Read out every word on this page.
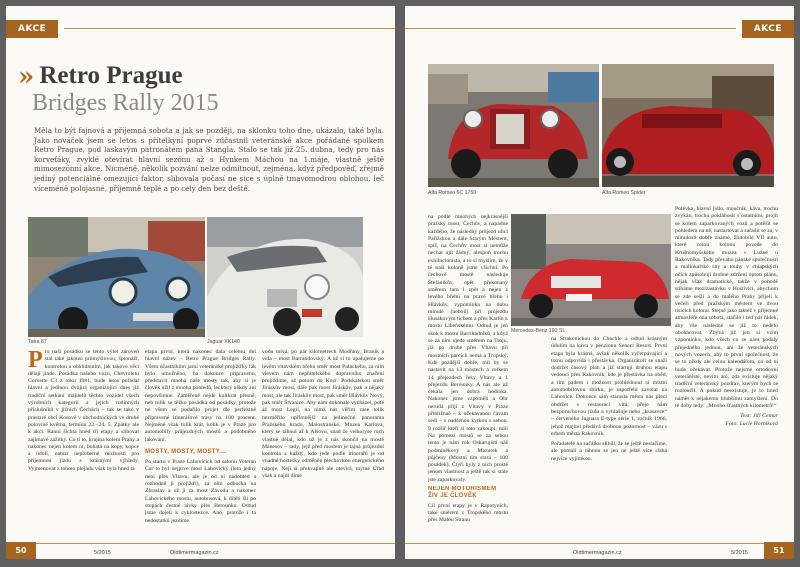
AKCE
» Retro Prague
Bridges Rally 2015
Měla to být fajnová a příjemná sobota a jak se později, na sklonku toho dne, ukázalo, také byla. Jako nováček jsem se letos s přítelkyní poprvé zúčastnil veteránské akce pořádané spolkem Retro Prague, pod laskavým patronátem pana Stangla. Stalo se tak již 25. dubna, tedy pro nás korveťáky, zvyklé otevírat hlavní sezónu až s Hynkem Máchou na 1.máje, vlastně ještě mimosezónní akce. Nicméně, několik pozvání nelze odmítnout, zejména, když předpověď, zřejmě jediný potenciálně omezující faktor, slibovala počasí ne sice s úplně tmavomodrou oblohou, leč víceméně polojasné, příjemně teplé a po celý den bez deště.
Tatra 87	Jaguar XK140
P ro naši posádku se tento výlet zároveň stal také jakousi průmyslovou, špionáží, kontrolou a obhlídnutím, jak takové věci dělají jinde. Posádka našeho vozu, Chevroletu Corvette C3 z roku 1981, bude letos pořádat hlavní a jedinou dvojici organizující dnes již tradiční setkání majitelů těchto vozidel všech výrobních kategorií a jejich rodinných příslušníků v jižních Čechách – tak se také v prastaré obci Kosově v obchodnických ve druhé polovině května, termínu 22.–24. 5. Zpátky ale k akci. Ranní šichta hned tři etapy a slibovat zajímavé zážitky. Co ti to, krajina kolem Prahy a nakonec nejen kolem ní, bohatá na kopy, kopce a údolí, nabízí nepřeberné možnosti pro příjemnou jízdu s krásnými výhledy. Vyjmenovat z tohoto plejádu však byla hned ta

etapa první, která nakonec dala celému dni hlavní název – Retro Prague Bridges Rally. Všem účastníkům jarní veteránské projížďky lák bylo umožněno, ba dokonce připraveno, představit mnohá naše mosty tak, aby si je člověk užil z mnoha pohledů, leckterý někdy ani nepovšimne. Zaměřeně nejde kolikrát přesně, neb tolik se těžko posádka od posádky, protože ne všem se podařilo projet dle perfektně připravené itinerářové trasy na 100 procent. Nejméně však tolik krát, kolik je v Praze pro automobily průjezdných mostů a podobného lakování.

MOSTY, MOSTY, MOSTY…

Po startu v Praze Lahovicích od salonu Veteran Car to byl nejprve most Lahovický (lem jedný není přes Vltavu, ale je od ní nádobled a rozhodně ji projížďí), za ním odbočka na Zbraslav a už ji za most Závodu a nakonec Lahovického mostu, autobusová, k dítěti šli po stopách čestné lávky přes Berounku. Odtud jsme dojeli k cyklostezce. Ano, protože i ta nedostatků jezdíme.

vodu mívá, po pár kilometrech Modřany, Braník a vida – most Barrandovský. A už si to upalujeme po levém vltavském břehu směr most Palackého, za ním vlevem nám nepřátelského dopravního značení projíždíme, až potom do Kozí. Podskalskou směr Jiráskův most, dále pak most Jiráskův, pak a nějaký most, ale tak Jiráskův most, pak směr Hlávkův Nový, pak směr Štvanice. Aby nám dokonale vycházel, poté až most Legií, na nimž nás věřím zase tolik nezměřilo upřímnější na jedinečné panorama Pražského hradu, Malostranské, Muzea Karlova, který se táhnul až k Alšovu, snad že velkoryse ruch vlastně dělal, kdo už je z nás skončil na mostě Mánesov – tady, jejž před mostem je tajná průjezdní kontrola a každý, kdo jede podle itinerářů je od vnadné hostesky odměněn plechovkou energetického nápoje. Nejí si překvapně ale otevírá, mýtné Úřad však a najdi dime

50	5/2015	Oldtimermagazin.cz
AKCE
Alfa Romeo 6C 1750	Alfa Romeo Spider
Mercedes-Benz 190 SL

na podle mnohých nejkrásnější pražský most, Čechův, a napadne každého, že následný průjezd ulicí Pařížskou a dále Starým Městem, spíš, na Čechův most si nemůže nechat ujít žádný, alespoň trochu exhibicionista, a to si myslím, že v té naší koloně jsme všichni. Po čechově mostě následuje Štefánikův, opět překonaný směrem tam i zpět a nejen z levého břehu na pravé břehu i Hlávkův, vypomínka na dobu minulé (neboli) při průjezdu Husákovým tichem a přes Karlín k mostu Libeňskému. Odtud je jen skok k mostu Barrikádníků, a když se za ním ujede směrem na Troju, již po druhé přes Vltavu při mostních parcích nemá a Tropský. Kde pozdější dobře, mil by se nastavit na 13 mostech a celkem 14 přejezdech řeky Vltavy a 1 přejezdu Berounky. A nás ale už čekala jen dobrá hodinka. Nakonec jsme vzpoměli a Obr nerudá přijí z Vltavy v Praze přibližnaě – k očekávanou čávam sedí – s nadšenou kytkou s sebou. 9 rozšíř kteří si toto zakoupí, mili Na pomezí mostů se za sebou tento je nám rok Oskarujistí náš podmíněkový a Mazurek a půjčeny (Mostní tím stará – 100 posádek). Čtyři byly z nich prostě jenom vlastnost a ještě tak si stále jste zaparkovaly.

NEJEN MOTORISMEM
ŽIV JE ČLOVĚK

Cíl první etapy je v Rapotyních, také směrem z Tropského mostu přes Malou Stranu

na Strakonickou do Chuchle a odtud krásným údolím na kávu v penzionu Seneci Resort. První etapa byla krásná, avšak několik vyčerpávající a tomu odpovídá i přestávka. Organizátoři se snaží dodržet časový plán a již startují druhou etapu vedoucí přes Rakovník, kde je přestávka na oběd, a tím padem i možnost prohlédnout si místní automobilovou sbírku, je zapotřebí zavolat na Lahovice. Dokonce sám starosta města nás přeci obdržet v restauraci vítá, přeje nám bezporuchovou jízdu a vyhlašuje nebo „krasavce“ – červeného Jaguara E-type série 1, ročník 1966, jehož majitel předává drobnou pozornost – vázu s erbem města Rakovník.

Pořadatelé na začátku slíbili, že se ještě nestačíme, ale pomalí a táhnou se jen ne ještě více slabá nejvíce vyjímkou.

Polévka, hlavní jídlo, moučník, káva, trochu zvykán, trochu poklábosit s ostatními, projít se kolem zaparkovaných vozů a potěšit se pohledem na ně, nastartovat a zařadit se za, v minulosti dobře známé, žlutobílé VII auto, které celou kolonu povede do Krušnomyšského muzea v Lužné u Rakovníka. Tady převahu pánské společnosti a malinkařské sny a touhy v chlapských očích způsobují drobné zdržení oproti plánu, nějak však dramatické, takže v pohodě stíháme mezizastávku v Hostivici, abychom se zde sešli a do malého Prahy přijeli k večeři před pražským městem ve dvou tisících kolonu. Stejně jako taktéž v příjemné atmosféře ona sobota, stačilo i teď pár řádek, aby vše následné se již to nedělo obohacovat. Zbývá již jen si vzím vzpomínku, kdo všech co se nám podaly přejedného jednou, ani že veteránských nových vozech, aby to první společnost, že se to nikdy ale celou kalendářem, co od ní bude očekávat. Protože nejsme ortodoxní veteránisté, nevím ani, zda existuje nějaký tradiční veteránský pozdrav, kterým bych se rozloučil. A pokud neexistuje, je to hned námět k nějakému hlubšímu zamyšlení. Do té doby tedy: „Mnoho šťastných kilometrů!“

Text: Jiří Cetnar
Foto: Lucie Horníková
Oldtimermagazin.cz	5/2015	51
